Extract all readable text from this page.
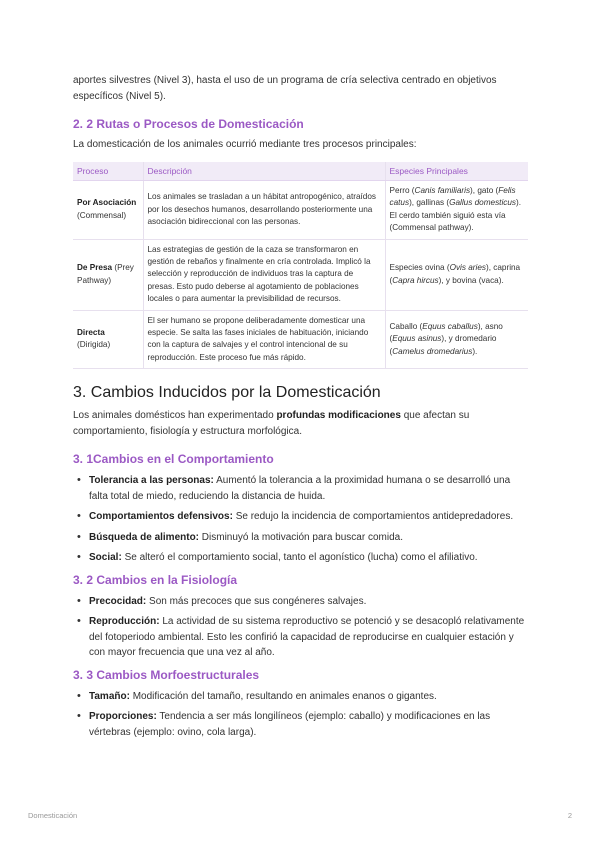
aportes silvestres (Nivel 3), hasta el uso de un programa de cría selectiva centrado en objetivos
específicos (Nivel 5).

2. 2 Rutas o Procesos de Domesticación

La domesticación de los animales ocurrió mediante tres procesos principales:

Proceso	Descripción	Especies Principales
Por Asociación
(Commensal)	Los animales se trasladan a un hábitat antropogénico, atraídos por los desechos humanos, desarrollando posteriormente una asociación bidireccional con las personas.	Perro (Canis familiaris), gato (Felis catus), gallinas (Gallus domesticus). El cerdo también siguió esta vía (Commensal pathway).
De Presa (Prey Pathway)	Las estrategias de gestión de la caza se transformaron en gestión de rebaños y finalmente en cría controlada. Implicó la selección y reproducción de individuos tras la captura de presas. Esto pudo deberse al agotamiento de poblaciones locales o para aumentar la previsibilidad de recursos.	Especies ovina (Ovis aries), caprina (Capra hircus), y bovina (vaca).
Directa
(Dirigida)	El ser humano se propone deliberadamente domesticar una especie. Se salta las fases iniciales de habituación, iniciando con la captura de salvajes y el control intencional de su reproducción. Este proceso fue más rápido.	Caballo (Equus caballus), asno (Equus asinus), y dromedario (Camelus dromedarius).
3. Cambios Inducidos por la Domesticación

Los animales domésticos han experimentado profundas modificaciones que afectan su comportamiento, fisiología y estructura morfológica.

3. 1Cambios en el Comportamiento
• Tolerancia a las personas: Aumentó la tolerancia a la proximidad humana o se desarrolló una falta total de miedo, reduciendo la distancia de huida.
• Comportamientos defensivos: Se redujo la incidencia de comportamientos antidepredadores.
• Búsqueda de alimento: Disminuyó la motivación para buscar comida.
• Social: Se alteró el comportamiento social, tanto el agonístico (lucha) como el afiliativo.
3. 2 Cambios en la Fisiología
• Precocidad: Son más precoces que sus congéneres salvajes.
• Reproducción: La actividad de su sistema reproductivo se potenció y se desacopló relativamente del fotoperiodo ambiental. Esto les confirió la capacidad de reproducirse en cualquier estación y con mayor frecuencia que una vez al año.
3. 3 Cambios Morfoestructurales
• Tamaño: Modificación del tamaño, resultando en animales enanos o gigantes.
• Proporciones: Tendencia a ser más longilíneos (ejemplo: caballo) y modificaciones en las vértebras (ejemplo: ovino, cola larga).
Domesticación	2
